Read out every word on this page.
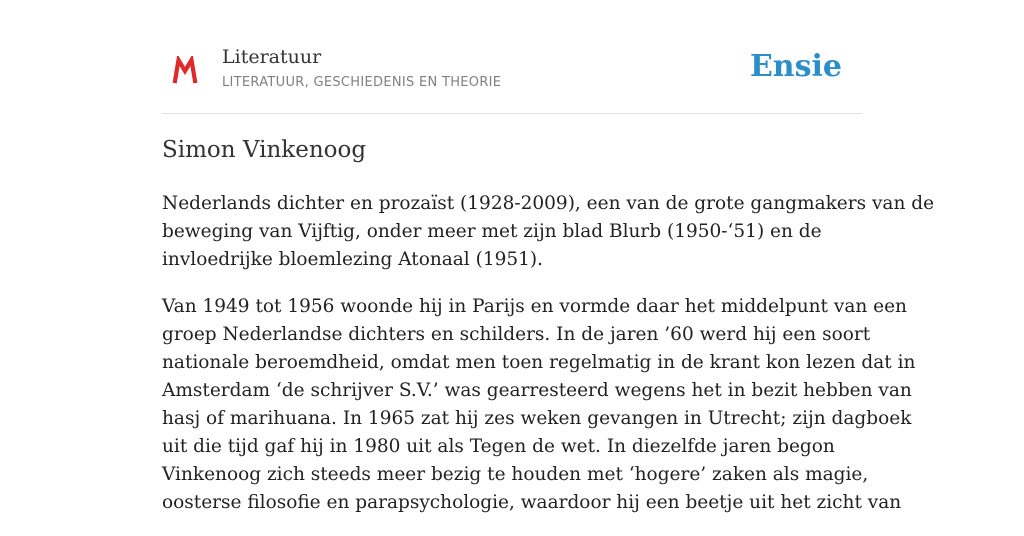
Literatuur
LITERATUUR, GESCHIEDENIS EN THEORIE	Ensie
Simon Vinkenoog

Nederlands dichter en prozaïst (1928-2009), een van de grote gangmakers van de
beweging van Vijftig, onder meer met zijn blad Blurb (1950-‘51) en de
invloedrijke bloemlezing Atonaal (1951).

Van 1949 tot 1956 woonde hij in Parijs en vormde daar het middelpunt van een
groep Nederlandse dichters en schilders. In de jaren ’60 werd hij een soort
nationale beroemdheid, omdat men toen regelmatig in de krant kon lezen dat in
Amsterdam ‘de schrijver S.V.’ was gearresteerd wegens het in bezit hebben van
hasj of marihuana. In 1965 zat hij zes weken gevangen in Utrecht; zijn dagboek
uit die tijd gaf hij in 1980 uit als Tegen de wet. In diezelfde jaren begon
Vinkenoog zich steeds meer bezig te houden met ‘hogere’ zaken als magie,
oosterse filosofie en parapsychologie, waardoor hij een beetje uit het zicht van
